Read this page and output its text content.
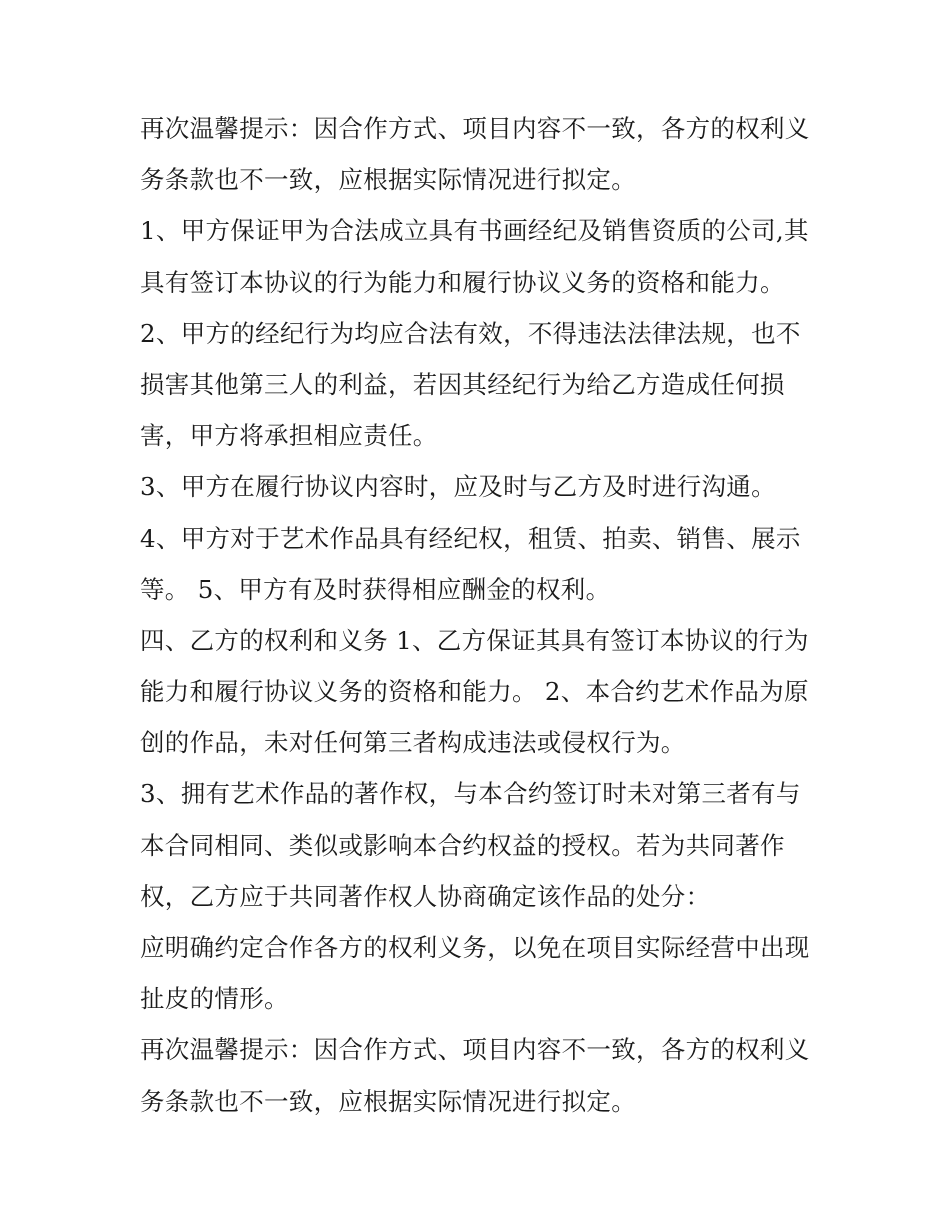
再次温馨提示：因合作方式、项目内容不一致，各方的权利义
务条款也不一致，应根据实际情况进行拟定。
1、甲方保证甲为合法成立具有书画经纪及销售资质的公司,其
具有签订本协议的行为能力和履行协议义务的资格和能力。
2、甲方的经纪行为均应合法有效，不得违法法律法规，也不
损害其他第三人的利益，若因其经纪行为给乙方造成任何损
害，甲方将承担相应责任。
3、甲方在履行协议内容时，应及时与乙方及时进行沟通。
4、甲方对于艺术作品具有经纪权，租赁、拍卖、销售、展示
等。 5、甲方有及时获得相应酬金的权利。
四、乙方的权利和义务 1、乙方保证其具有签订本协议的行为
能力和履行协议义务的资格和能力。 2、本合约艺术作品为原
创的作品，未对任何第三者构成违法或侵权行为。
3、拥有艺术作品的著作权，与本合约签订时未对第三者有与
本合同相同、类似或影响本合约权益的授权。若为共同著作
权，乙方应于共同著作权人协商确定该作品的处分：
应明确约定合作各方的权利义务，以免在项目实际经营中出现
扯皮的情形。
再次温馨提示：因合作方式、项目内容不一致，各方的权利义
务条款也不一致，应根据实际情况进行拟定。
